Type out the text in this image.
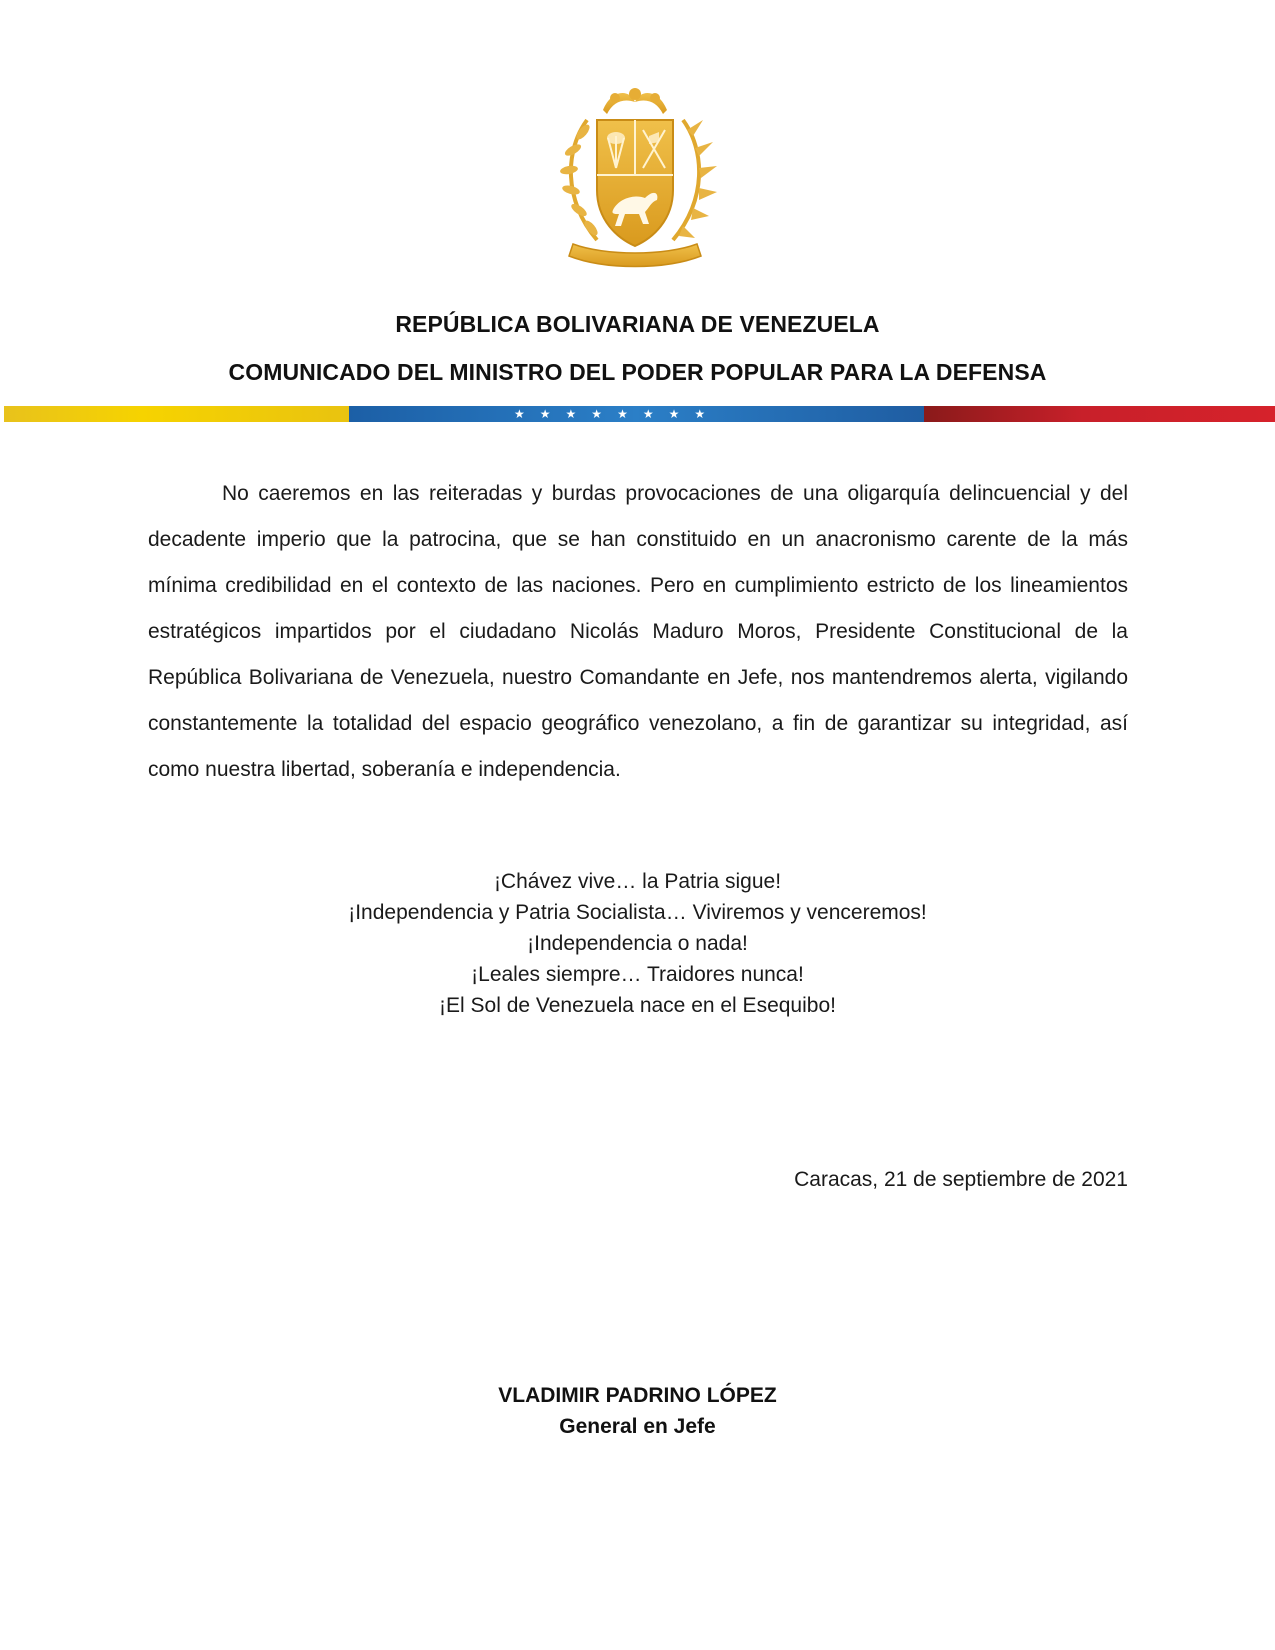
REPÚBLICA BOLIVARIANA DE VENEZUELA
COMUNICADO DEL MINISTRO DEL PODER POPULAR PARA LA DEFENSA
★ ★ ★ ★ ★ ★ ★ ★

No caeremos en las reiteradas y burdas provocaciones de una oligarquía delincuencial y del decadente imperio que la patrocina, que se han constituido en un anacronismo carente de la más mínima credibilidad en el contexto de las naciones. Pero en cumplimiento estricto de los lineamientos estratégicos impartidos por el ciudadano Nicolás Maduro Moros, Presidente Constitucional de la República Bolivariana de Venezuela, nuestro Comandante en Jefe, nos mantendremos alerta, vigilando constantemente la totalidad del espacio geográfico venezolano, a fin de garantizar su integridad, así como nuestra libertad, soberanía e independencia.

¡Chávez vive… la Patria sigue!
¡Independencia y Patria Socialista… Viviremos y venceremos!
¡Independencia o nada!
¡Leales siempre… Traidores nunca!
¡El Sol de Venezuela nace en el Esequibo!
Caracas, 21 de septiembre de 2021
VLADIMIR PADRINO LÓPEZ
General en Jefe
